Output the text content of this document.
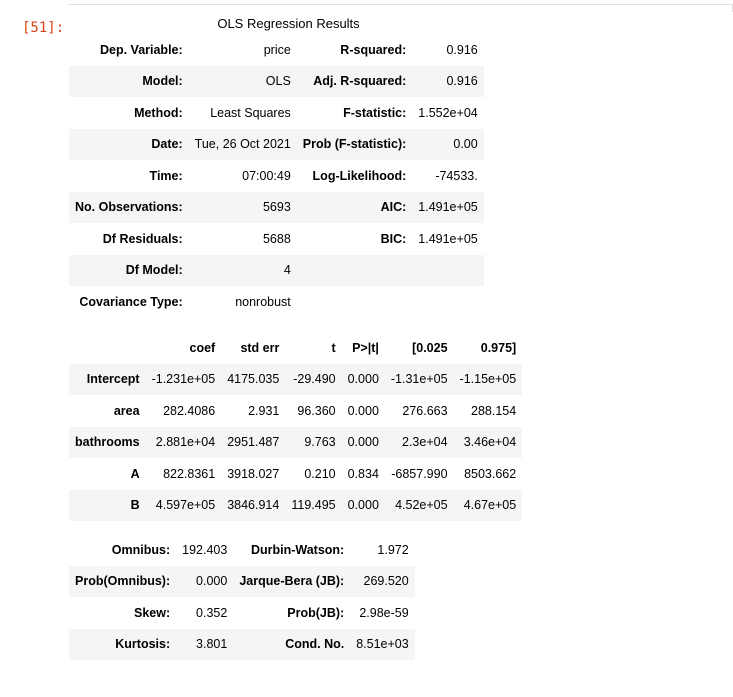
[51]:	OLS Regression Results
Dep. Variable:	price	R-squared:	0.916
Model:	OLS	Adj. R-squared:	0.916
Method:	Least Squares	F-statistic:	1.552e+04
Date:	Tue, 26 Oct 2021	Prob (F-statistic):	0.00
Time:	07:00:49	Log-Likelihood:	-74533.
No. Observations:	5693	AIC:	1.491e+05
Df Residuals:	5688	BIC:	1.491e+05
Df Model:	4		
Covariance Type:	nonrobust		
	coef	std err	t	P>|t|	[0.025	0.975]
Intercept	-1.231e+05	4175.035	-29.490	0.000	-1.31e+05	-1.15e+05
area	282.4086	2.931	96.360	0.000	276.663	288.154
bathrooms	2.881e+04	2951.487	9.763	0.000	2.3e+04	3.46e+04
A	822.8361	3918.027	0.210	0.834	-6857.990	8503.662
B	4.597e+05	3846.914	119.495	0.000	4.52e+05	4.67e+05
Omnibus:	192.403	Durbin-Watson:	1.972
Prob(Omnibus):	0.000	Jarque-Bera (JB):	269.520
Skew:	0.352	Prob(JB):	2.98e-59
Kurtosis:	3.801	Cond. No.	8.51e+03
